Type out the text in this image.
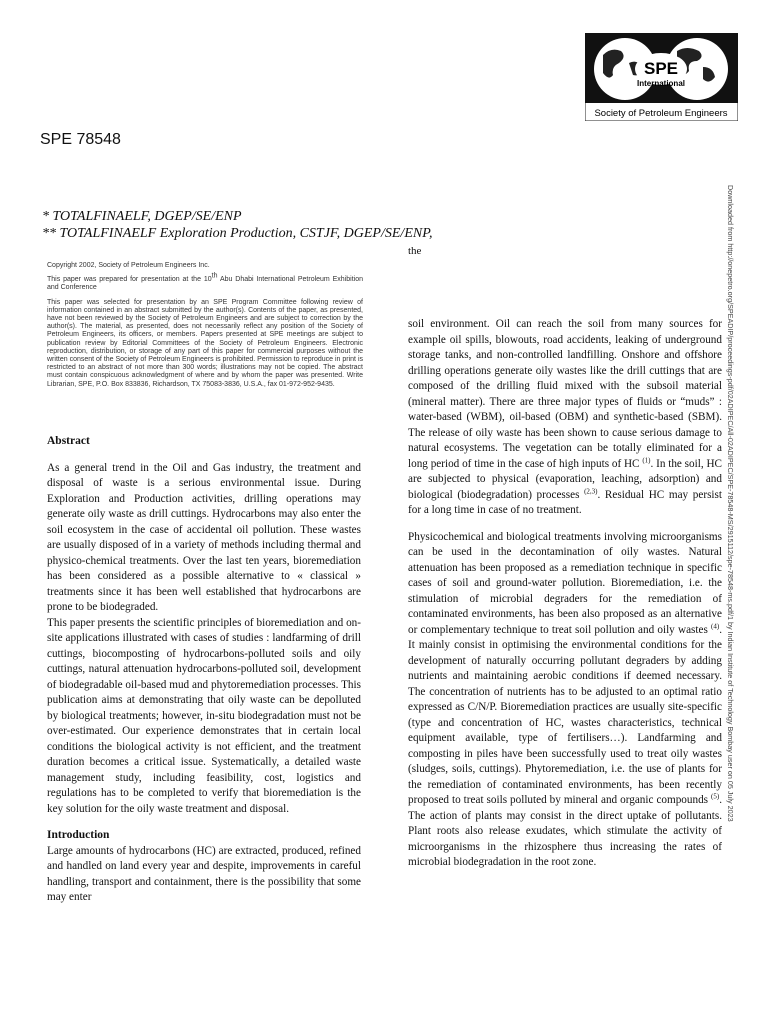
SPE
International
Society of Petroleum Engineers
SPE 78548
* TOTALFINAELF, DGEP/SE/ENP
** TOTALFINAELF Exploration Production, CSTJF, DGEP/SE/ENP,
the

Copyright 2002, Society of Petroleum Engineers Inc.

This paper was prepared for presentation at the 10th Abu Dhabi International Petroleum Exhibition and Conference

This paper was selected for presentation by an SPE Program Committee following review of information contained in an abstract submitted by the author(s). Contents of the paper, as presented, have not been reviewed by the Society of Petroleum Engineers and are subject to correction by the author(s). The material, as presented, does not necessarily reflect any position of the Society of Petroleum Engineers, its officers, or members. Papers presented at SPE meetings are subject to publication review by Editorial Committees of the Society of Petroleum Engineers. Electronic reproduction, distribution, or storage of any part of this paper for commercial purposes without the written consent of the Society of Petroleum Engineers is prohibited. Permission to reproduce in print is restricted to an abstract of not more than 300 words; illustrations may not be copied. The abstract must contain conspicuous acknowledgment of where and by whom the paper was presented. Write Librarian, SPE, P.O. Box 833836, Richardson, TX 75083-3836, U.S.A., fax 01-972-952-9435.

Abstract

As a general trend in the Oil and Gas industry, the treatment and disposal of waste is a serious environmental issue. During Exploration and Production activities, drilling operations may generate oily waste as drill cuttings. Hydrocarbons may also enter the soil ecosystem in the case of accidental oil pollution. These wastes are usually disposed of in a variety of methods including thermal and physico-chemical treatments. Over the last ten years, bioremediation has been considered as a possible alternative to « classical » treatments since it has been well established that hydrocarbons are prone to be biodegraded.

This paper presents the scientific principles of bioremediation and on-site applications illustrated with cases of studies : landfarming of drill cuttings, biocomposting of hydrocarbons-polluted soils and oily cuttings, natural attenuation hydrocarbons-polluted soil, development of biodegradable oil-based mud and phytoremediation processes. This publication aims at demonstrating that oily waste can be depolluted by biological treatments; however, in-situ biodegradation must not be over-estimated. Our experience demonstrates that in certain local conditions the biological activity is not efficient, and the treatment duration becomes a critical issue. Systematically, a detailed waste management study, including feasibility, cost, logistics and regulations has to be completed to verify that bioremediation is the key solution for the oily waste treatment and disposal.

Introduction

Large amounts of hydrocarbons (HC) are extracted, produced, refined and handled on land every year and despite, improvements in careful handling, transport and containment, there is the possibility that some may enter

soil environment. Oil can reach the soil from many sources for example oil spills, blowouts, road accidents, leaking of underground storage tanks, and non-controlled landfilling. Onshore and offshore drilling operations generate oily wastes like the drill cuttings that are composed of the drilling fluid mixed with the subsoil material (mineral matter). There are three major types of fluids or “muds” : water-based (WBM), oil-based (OBM) and synthetic-based (SBM). The release of oily waste has been shown to cause serious damage to natural ecosystems. The vegetation can be totally eliminated for a long period of time in the case of high inputs of HC $^{(1)}$. In the soil, HC are subjected to physical (evaporation, leaching, adsorption) and biological (biodegradation) processes $^{(2,3)}$. Residual HC may persist for a long time in case of no treatment.

Physicochemical and biological treatments involving microorganisms can be used in the decontamination of oily wastes. Natural attenuation has been proposed as a remediation technique in specific cases of soil and ground-water pollution. Bioremediation, i.e. the stimulation of microbial degraders for the remediation of contaminated environments, has been also proposed as an alternative or complementary technique to treat soil pollution and oily wastes $^{(4)}$. It mainly consist in optimising the environmental conditions for the development of naturally occurring pollutant degraders by adding nutrients and maintaining aerobic conditions if deemed necessary. The concentration of nutrients has to be adjusted to an optimal ratio expressed as C/N/P. Bioremediation practices are usually site-specific (type and concentration of HC, wastes characteristics, technical equipment available, type of fertilisers…). Landfarming and composting in piles have been successfully used to treat oily wastes (sludges, soils, cuttings). Phytoremediation, i.e. the use of plants for the remediation of contaminated environments, has been recently proposed to treat soils polluted by mineral and organic compounds $^{(5)}$. The action of plants may consist in the direct uptake of pollutants. Plant roots also release exudates, which stimulate the activity of microorganisms in the rhizosphere thus increasing the rates of microbial biodegradation in the root zone.

Downloaded from http://onepetro.org/SPEADIP/proceedings-pdf/02ADIPEC/All-02ADIPEC/SPE-78548-MS/2915112/spe-78548-ms.pdf/1 by Indian Institute of Technology Bombay user on 05 July 2023
